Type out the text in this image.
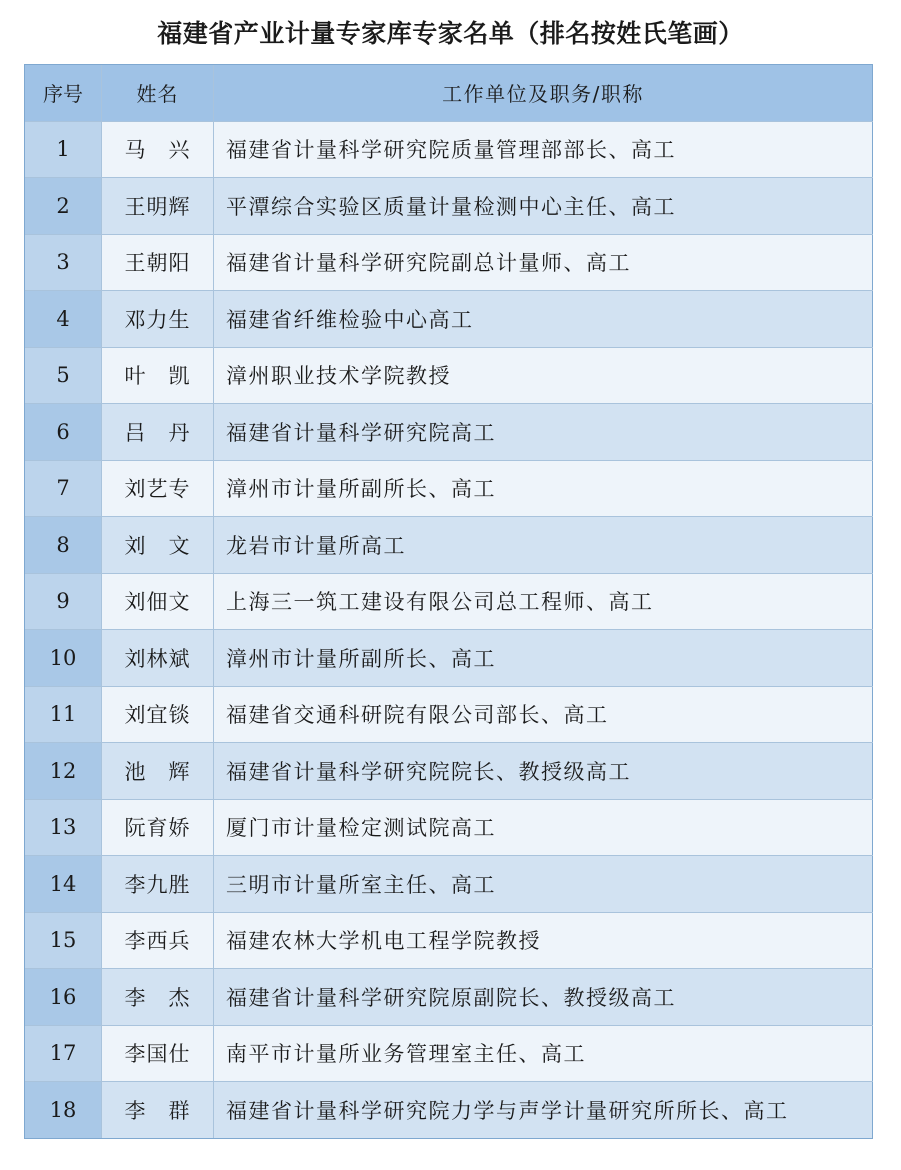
福建省产业计量专家库专家名单（排名按姓氏笔画）
序号	姓名	工作单位及职务/职称
1	马　兴	福建省计量科学研究院质量管理部部长、高工
2	王明辉	平潭综合实验区质量计量检测中心主任、高工
3	王朝阳	福建省计量科学研究院副总计量师、高工
4	邓力生	福建省纤维检验中心高工
5	叶　凯	漳州职业技术学院教授
6	吕　丹	福建省计量科学研究院高工
7	刘艺专	漳州市计量所副所长、高工
8	刘　文	龙岩市计量所高工
9	刘佃文	上海三一筑工建设有限公司总工程师、高工
10	刘林斌	漳州市计量所副所长、高工
11	刘宜锬	福建省交通科研院有限公司部长、高工
12	池　辉	福建省计量科学研究院院长、教授级高工
13	阮育娇	厦门市计量检定测试院高工
14	李九胜	三明市计量所室主任、高工
15	李西兵	福建农林大学机电工程学院教授
16	李　杰	福建省计量科学研究院原副院长、教授级高工
17	李国仕	南平市计量所业务管理室主任、高工
18	李　群	福建省计量科学研究院力学与声学计量研究所所长、高工
